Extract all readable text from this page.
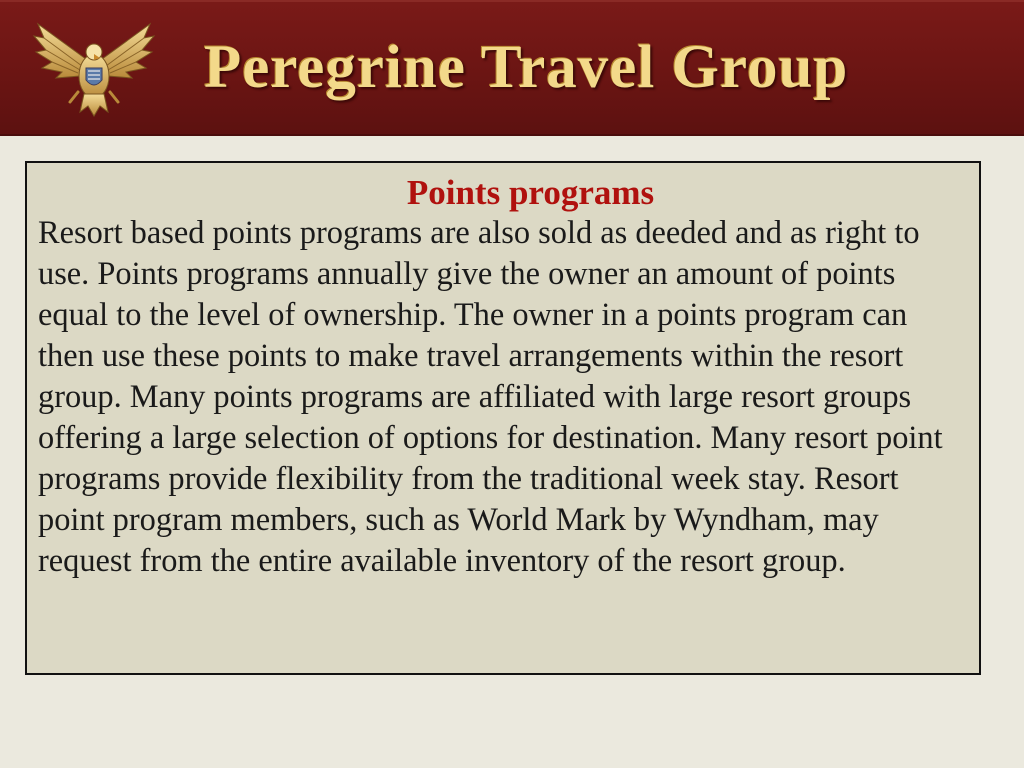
Peregrine Travel Group

Points programs

Resort based points programs are also sold as deeded and as right to use. Points programs annually give the owner an amount of points equal to the level of ownership. The owner in a points program can then use these points to make travel arrangements within the resort group. Many points programs are affiliated with large resort groups offering a large selection of options for destination. Many resort point programs provide flexibility from the traditional week stay. Resort point program members, such as World Mark by Wyndham, may request from the entire available inventory of the resort group.
